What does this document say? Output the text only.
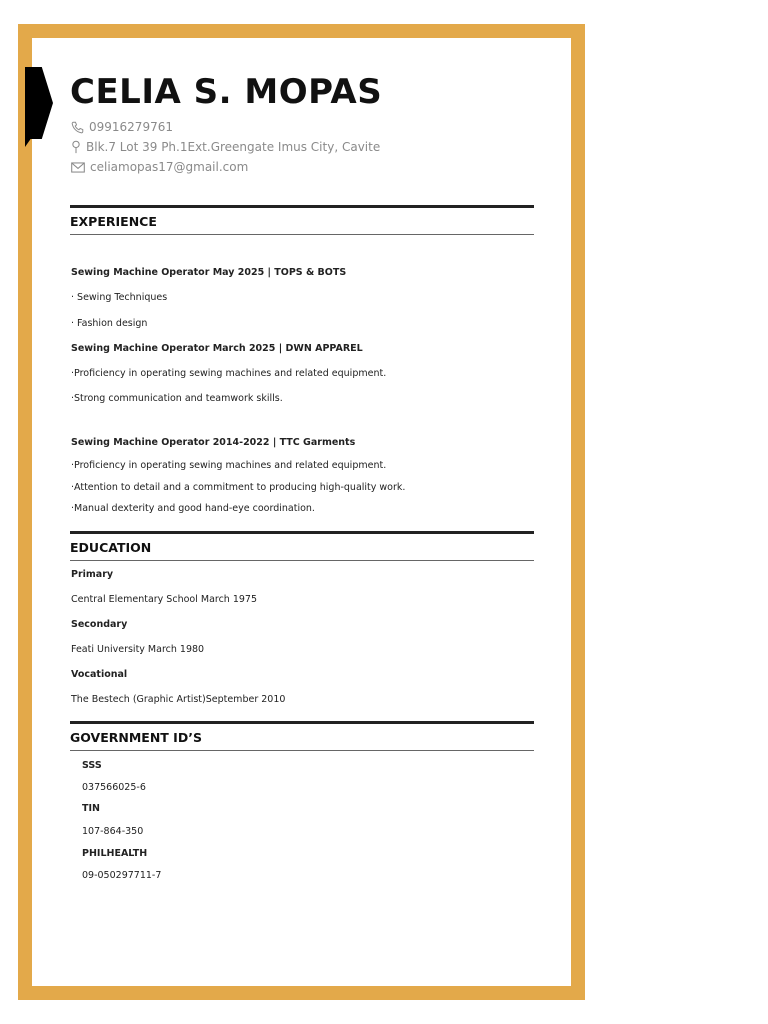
CELIA S. MOPAS
09916279761
Blk.7 Lot 39 Ph.1Ext.Greengate Imus City, Cavite
celiamopas17@gmail.com
EXPERIENCE
Sewing Machine Operator May 2025 | TOPS & BOTS
· Sewing Techniques
· Fashion design
Sewing Machine Operator March 2025 | DWN APPAREL
·Proficiency in operating sewing machines and related equipment.
·Strong communication and teamwork skills.
Sewing Machine Operator 2014-2022 | TTC Garments
·Proficiency in operating sewing machines and related equipment.
·Attention to detail and a commitment to producing high-quality work.
·Manual dexterity and good hand-eye coordination.
EDUCATION
Primary
Central Elementary School March 1975
Secondary
Feati University March 1980
Vocational
The Bestech (Graphic Artist)September 2010
GOVERNMENT ID’S
SSS
037566025-6
TIN
107-864-350
PHILHEALTH
09-050297711-7
